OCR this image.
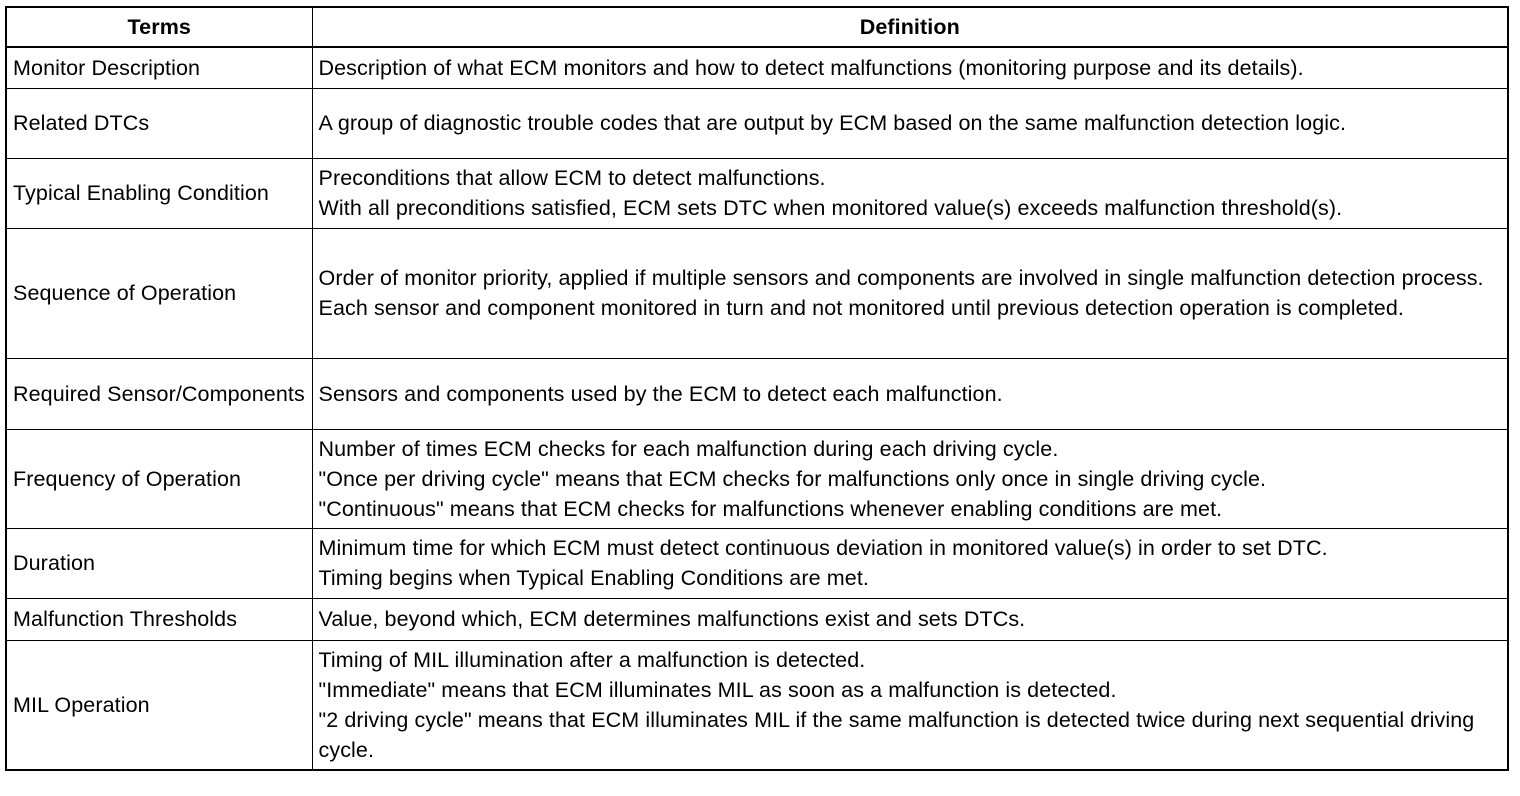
Terms	Definition
Monitor Description	Description of what ECM monitors and how to detect malfunctions (monitoring purpose and its details).

Related DTCs	A group of diagnostic trouble codes that are output by ECM based on the same malfunction detection logic.

Typical Enabling Condition	Preconditions that allow ECM to detect malfunctions.
With all preconditions satisfied, ECM sets DTC when monitored value(s) exceeds malfunction threshold(s).

Sequence of Operation	Order of monitor priority, applied if multiple sensors and components are involved in single malfunction detection process.
Each sensor and component monitored in turn and not monitored until previous detection operation is completed.

Required Sensor/Components	Sensors and components used by the ECM to detect each malfunction.

Frequency of Operation	Number of times ECM checks for each malfunction during each driving cycle.
"Once per driving cycle" means that ECM checks for malfunctions only once in single driving cycle.
"Continuous" means that ECM checks for malfunctions whenever enabling conditions are met.

Duration	Minimum time for which ECM must detect continuous deviation in monitored value(s) in order to set DTC.
Timing begins when Typical Enabling Conditions are met.

Malfunction Thresholds	Value, beyond which, ECM determines malfunctions exist and sets DTCs.

MIL Operation	Timing of MIL illumination after a malfunction is detected.
"Immediate" means that ECM illuminates MIL as soon as a malfunction is detected.
"2 driving cycle" means that ECM illuminates MIL if the same malfunction is detected twice during next sequential driving cycle.
